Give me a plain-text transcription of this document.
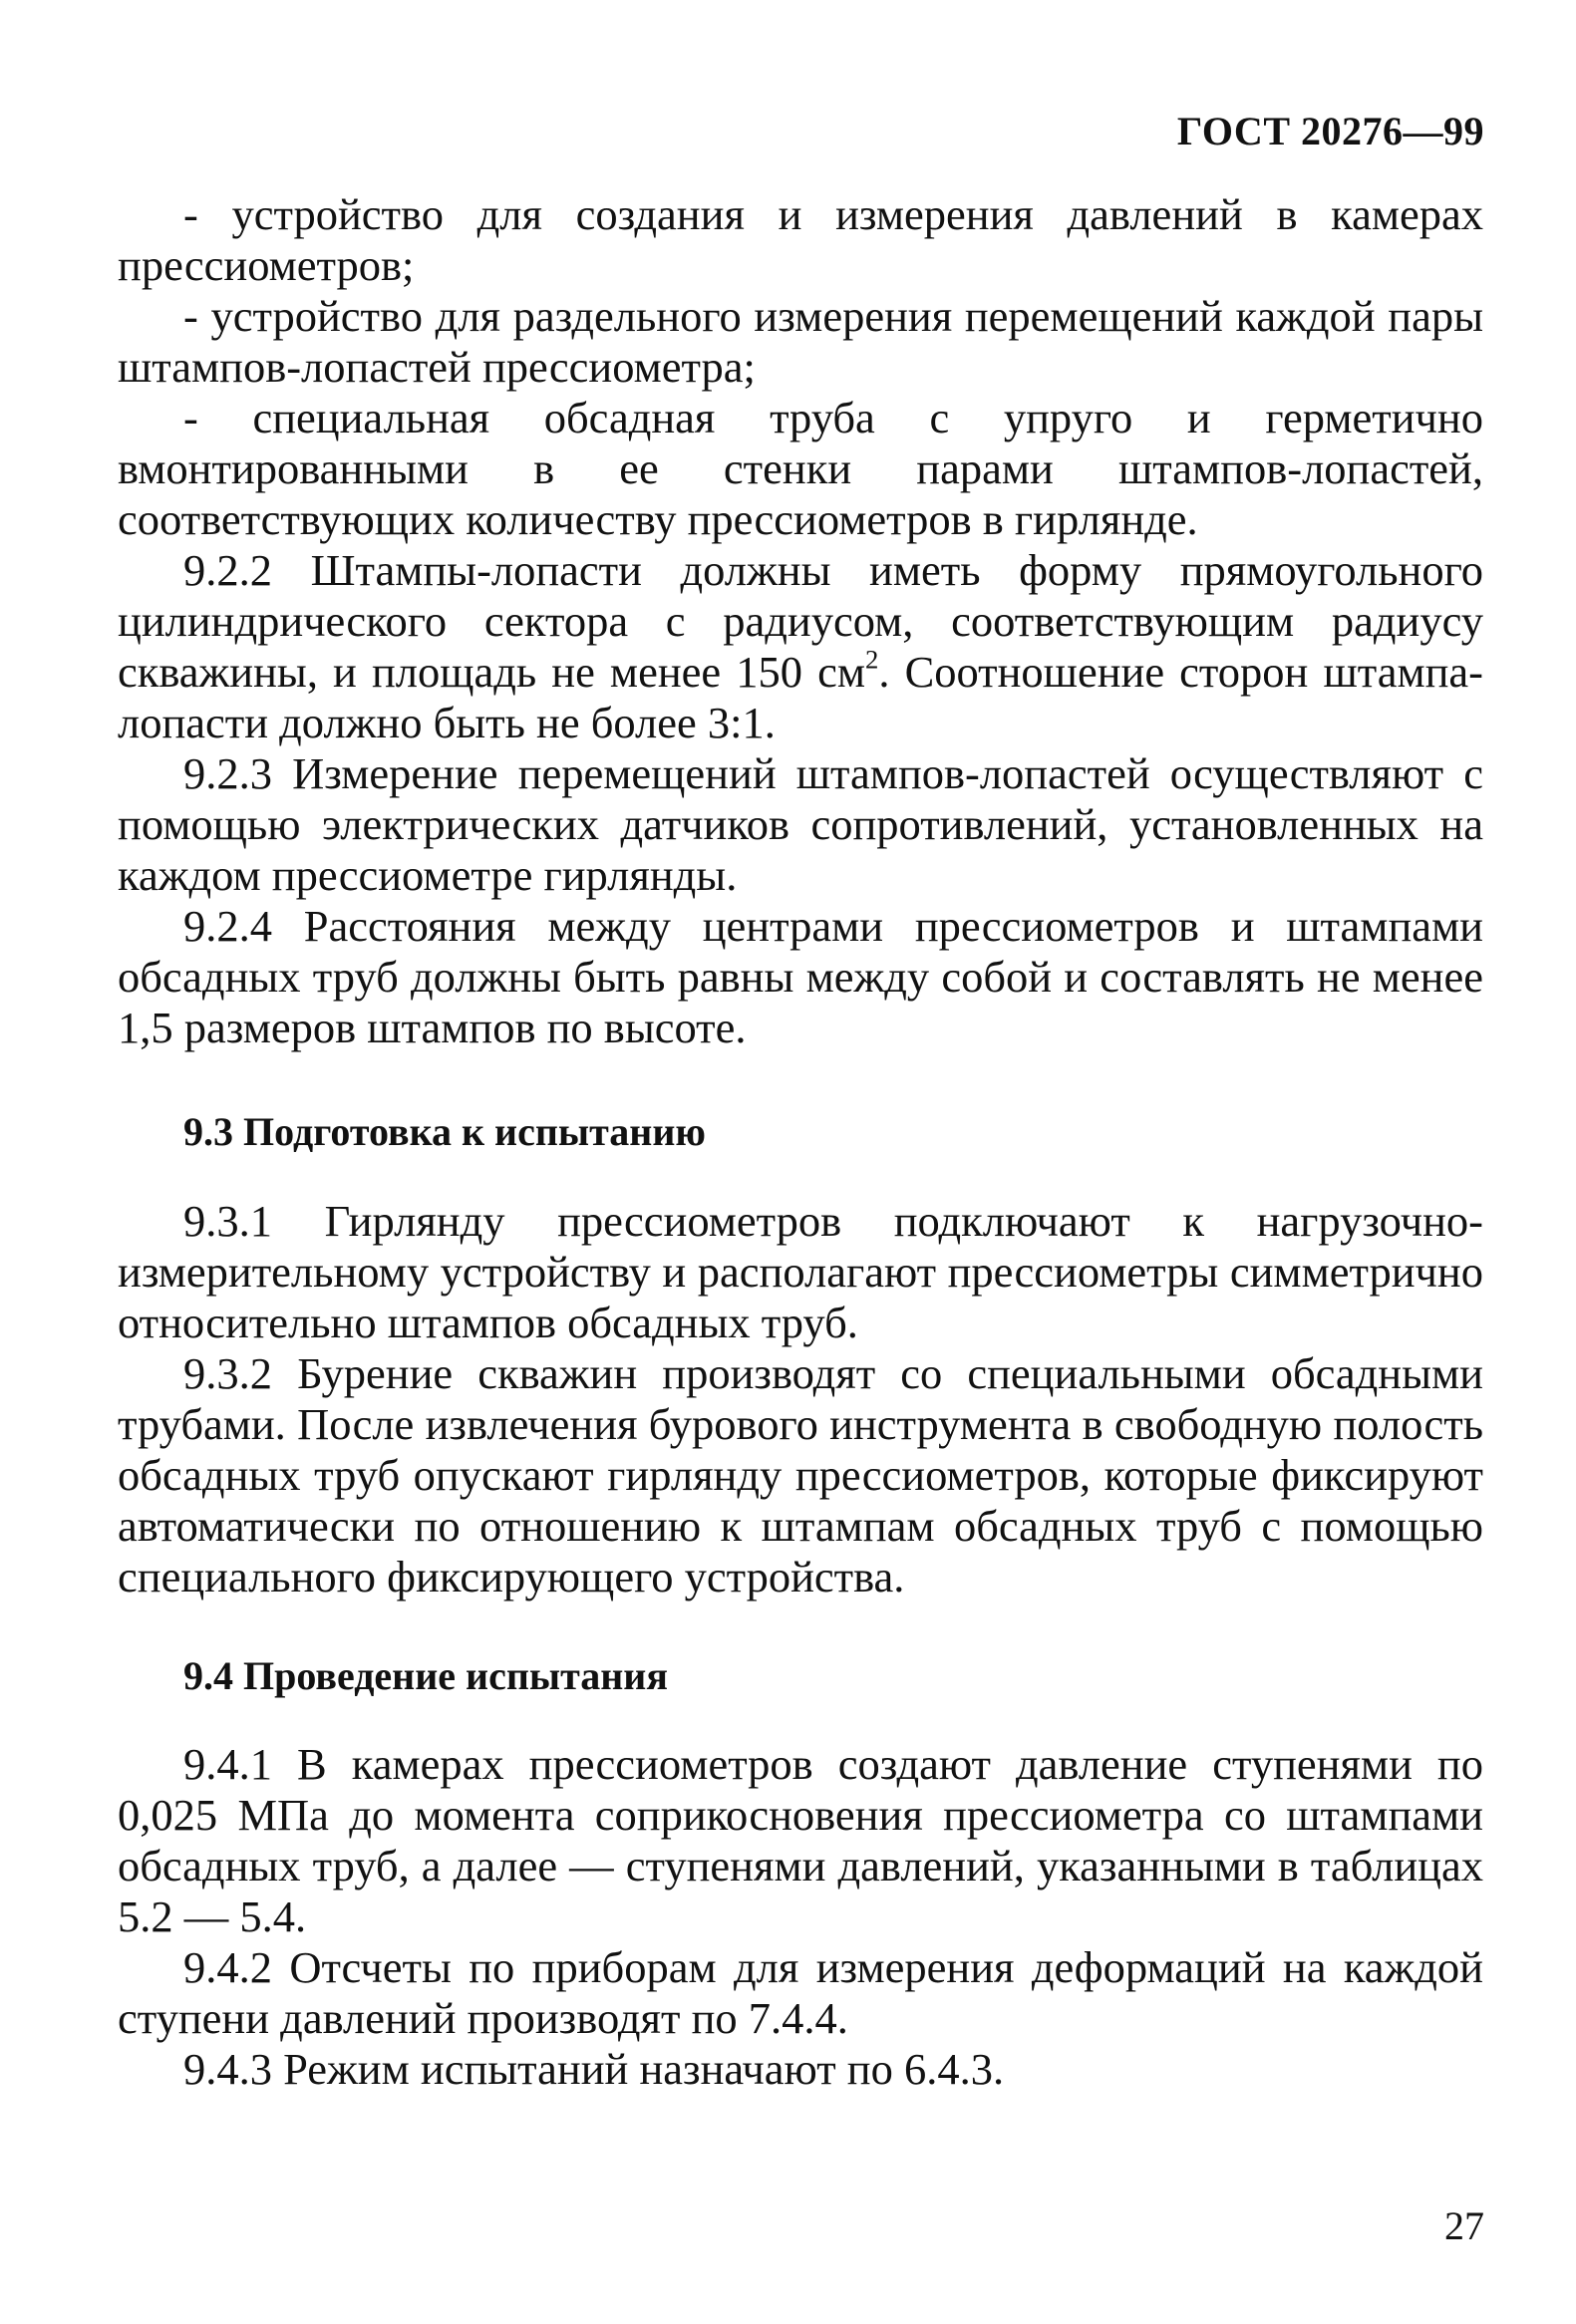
ГОСТ 20276—99

- устройство для создания и измерения давлений в камерах прессиометров;

- устройство для раздельного измерения перемещений каждой пары штампов-лопастей прессиометра;

- специальная обсадная труба с упруго и герметично вмонтированными в ее стенки парами штампов-лопастей, соответствующих количеству прессиометров в гирлянде.

9.2.2 Штампы-лопасти должны иметь форму прямоугольного цилиндрического сектора с радиусом, соответствующим радиусу скважины, и площадь не менее 150 $см^2$. Соотношение сторон штампа-лопасти должно быть не более 3:1.

9.2.3 Измерение перемещений штампов-лопастей осуществляют с помощью электрических датчиков сопротивлений, установленных на каждом прессиометре гирлянды.

9.2.4 Расстояния между центрами прессиометров и штампами обсадных труб должны быть равны между собой и составлять не менее 1,5 размеров штампов по высоте.

9.3 Подготовка к испытанию

9.3.1 Гирлянду прессиометров подключают к нагрузочно-измерительному устройству и располагают прессиометры симметрично относительно штампов обсадных труб.

9.3.2 Бурение скважин производят со специальными обсадными трубами. После извлечения бурового инструмента в свободную полость обсадных труб опускают гирлянду прессиометров, которые фиксируют автоматически по отношению к штампам обсадных труб с помощью специального фиксирующего устройства.

9.4 Проведение испытания

9.4.1 В камерах прессиометров создают давление ступенями по 0,025 МПа до момента соприкосновения прессиометра со штампами обсадных труб, а далее — ступенями давлений, указанными в таблицах 5.2 — 5.4.

9.4.2 Отсчеты по приборам для измерения деформаций на каждой ступени давлений производят по 7.4.4.

9.4.3 Режим испытаний назначают по 6.4.3.

27
